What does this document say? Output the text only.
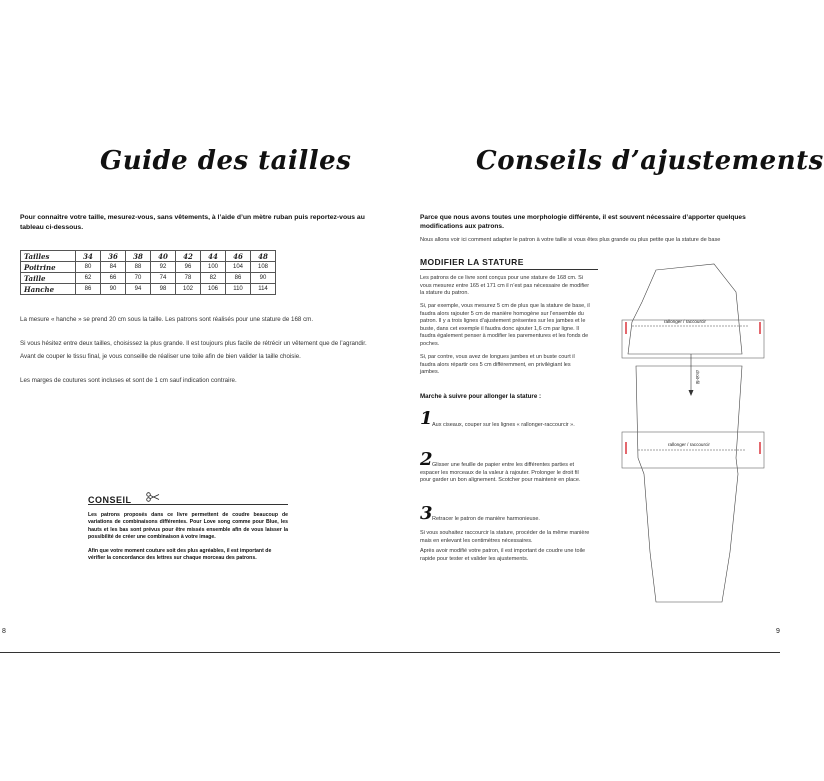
Guide des tailles
Pour connaître votre taille, mesurez-vous, sans vêtements, à l’aide d’un mètre ruban puis reportez-vous au tableau ci-dessous.
Tailles	34	36	38	40	42	44	46	48
Poitrine	80	84	88	92	96	100	104	108
Taille	62	66	70	74	78	82	86	90
Hanche	86	90	94	98	102	106	110	114
La mesure « hanche » se prend 20 cm sous la taille. Les patrons sont réalisés pour une stature de 168 cm.
Si vous hésitez entre deux tailles, choisissez la plus grande. Il est toujours plus facile de rétrécir un vêtement que de l’agrandir.
Avant de couper le tissu final, je vous conseille de réaliser une toile afin de bien valider la taille choisie.
Les marges de coutures sont incluses et sont de 1 cm sauf indication contraire.
CONSEIL
Les patrons proposés dans ce livre permettent de coudre beaucoup de variations de combinaisons différentes. Pour Love song comme pour Blue, les hauts et les bas sont prévus pour être missés ensemble afin de vous laisser la possibilité de créer une combinaison à votre image.
Afin que votre moment couture soit des plus agréables, il est important de vérifier la concordance des lettres sur chaque morceau des patrons.
8
Conseils d’ajustements
Parce que nous avons toutes une morphologie différente, il est souvent nécessaire d’apporter quelques modifications aux patrons.
Nous allons voir ici comment adapter le patron à votre taille si vous êtes plus grande ou plus petite que la stature de base
MODIFIER LA STATURE
Les patrons de ce livre sont conçus pour une stature de 168 cm. Si vous mesurez entre 165 et 171 cm il n’est pas nécessaire de modifier la stature du patron.
Si, par exemple, vous mesurez 5 cm de plus que la stature de base, il faudra alors rajouter 5 cm de manière homogène sur l’ensemble du patron. Il y a trois lignes d’ajustement présentes sur les jambes et le buste, dans cet exemple il faudra donc ajouter 1,6 cm par ligne. Il faudra également penser à modifier les parementures et les fonds de poches.
Si, par contre, vous avez de longues jambes et un buste court il faudra alors répartir ces 5 cm différemment, en privilégiant les jambes.
Marche à suivre pour allonger la stature :
1 Aux ciseaux, couper sur les lignes « rallonger-raccourcir ».
2 Glisser une feuille de papier entre les différentes parties et espacer les morceaux de la valeur à rajouter. Prolonger le droit fil pour garder un bon alignement. Scotcher pour maintenir en place.
3 Retracer le patron de manière harmonieuse.
Si vous souhaitez raccourcir la stature, procéder de la même manière mais en enlevant les centimètres nécessaires.
Après avoir modifié votre patron, il est important de coudre une toile rapide pour tester et valider les ajustements.
rallonger / raccourcir
rallonger / raccourcir
droit-fil
9
